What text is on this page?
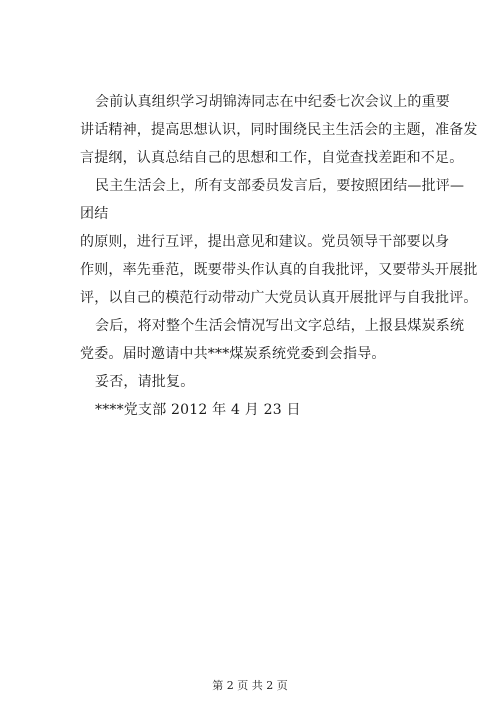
会前认真组织学习胡锦涛同志在中纪委七次会议上的重要
讲话精神，提高思想认识，同时围绕民主生活会的主题，准备发
言提纲，认真总结自己的思想和工作，自觉查找差距和不足。
民主生活会上，所有支部委员发言后，要按照团结—批评—
团结
的原则，进行互评，提出意见和建议。党员领导干部要以身
作则，率先垂范，既要带头作认真的自我批评，又要带头开展批
评，以自己的模范行动带动广大党员认真开展批评与自我批评。
会后，将对整个生活会情况写出文字总结，上报县煤炭系统
党委。届时邀请中共***煤炭系统党委到会指导。
妥否，请批复。
****党支部 2012 年 4 月 23 日
第 2 页 共 2 页
